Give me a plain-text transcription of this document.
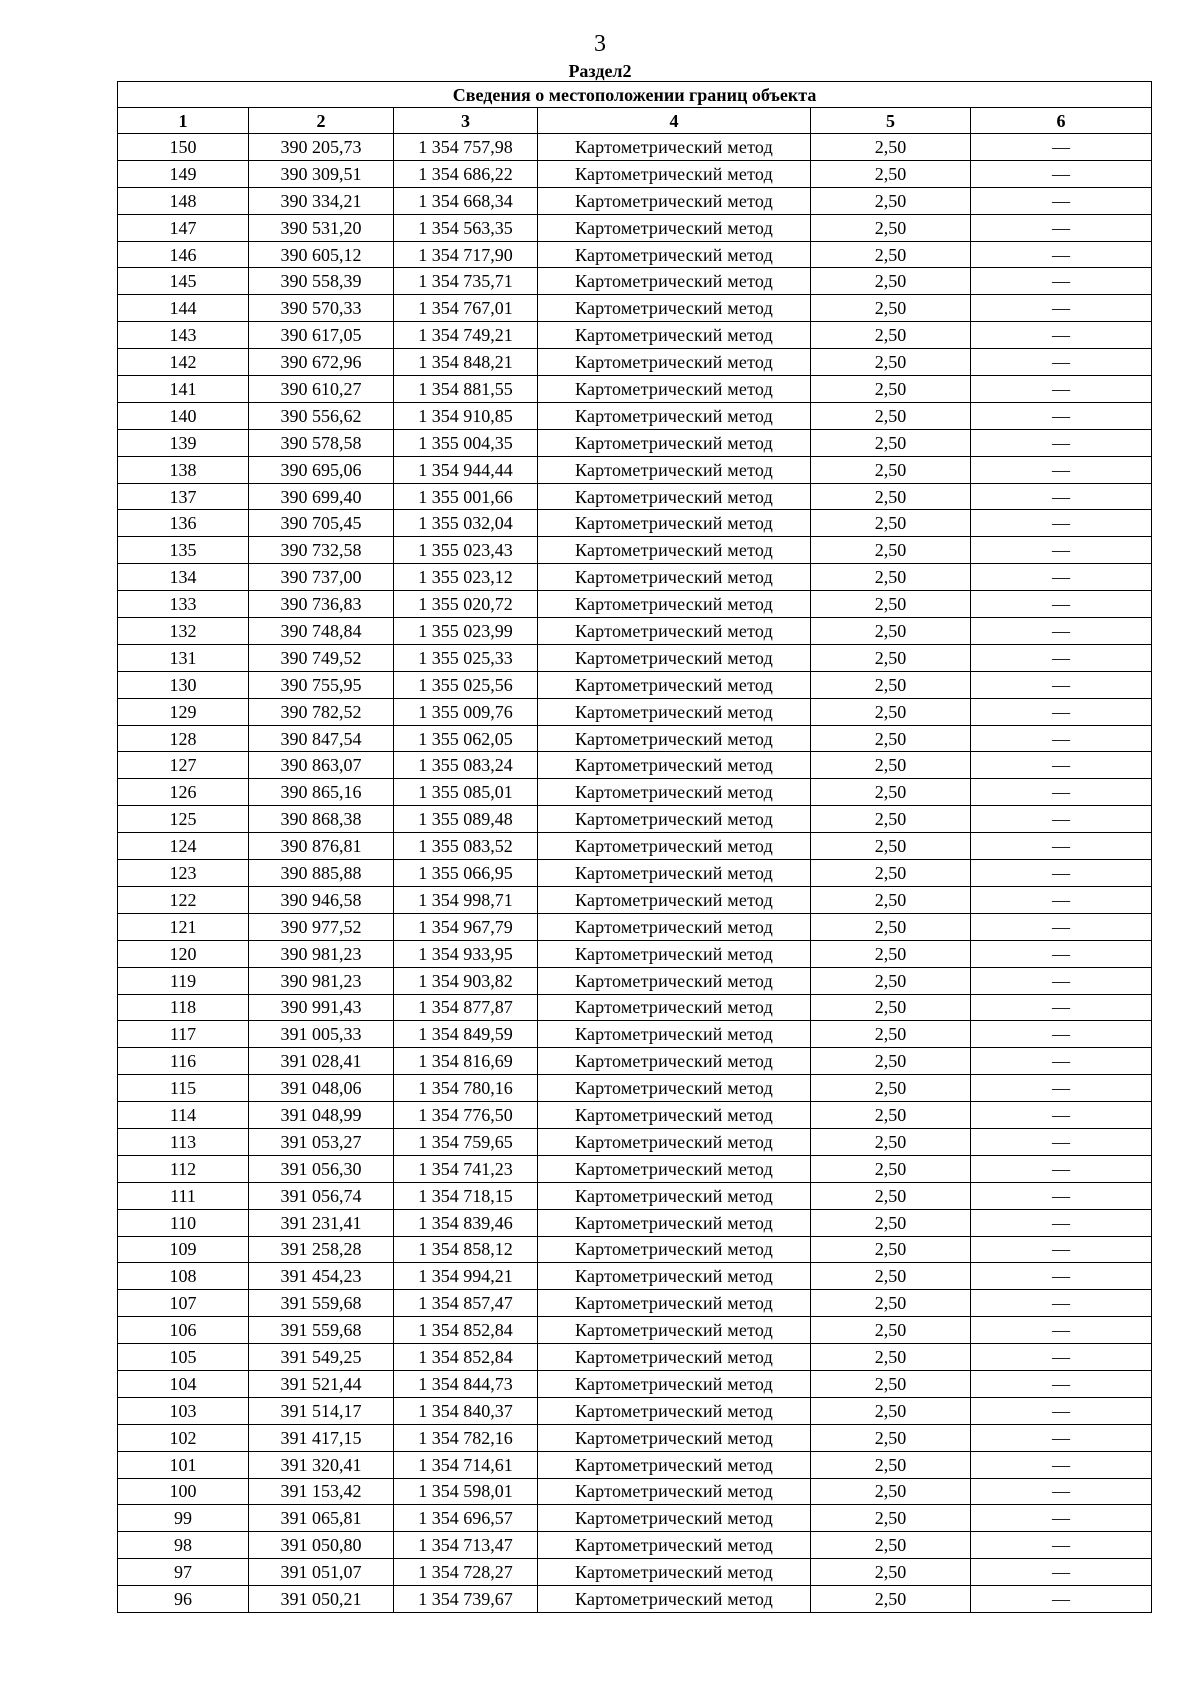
3
Раздел2
Сведения о местоположении границ объекта					
1	2	3	4	5	6
150	390 205,73	1 354 757,98	Картометрический метод	2,50	—
149	390 309,51	1 354 686,22	Картометрический метод	2,50	—
148	390 334,21	1 354 668,34	Картометрический метод	2,50	—
147	390 531,20	1 354 563,35	Картометрический метод	2,50	—
146	390 605,12	1 354 717,90	Картометрический метод	2,50	—
145	390 558,39	1 354 735,71	Картометрический метод	2,50	—
144	390 570,33	1 354 767,01	Картометрический метод	2,50	—
143	390 617,05	1 354 749,21	Картометрический метод	2,50	—
142	390 672,96	1 354 848,21	Картометрический метод	2,50	—
141	390 610,27	1 354 881,55	Картометрический метод	2,50	—
140	390 556,62	1 354 910,85	Картометрический метод	2,50	—
139	390 578,58	1 355 004,35	Картометрический метод	2,50	—
138	390 695,06	1 354 944,44	Картометрический метод	2,50	—
137	390 699,40	1 355 001,66	Картометрический метод	2,50	—
136	390 705,45	1 355 032,04	Картометрический метод	2,50	—
135	390 732,58	1 355 023,43	Картометрический метод	2,50	—
134	390 737,00	1 355 023,12	Картометрический метод	2,50	—
133	390 736,83	1 355 020,72	Картометрический метод	2,50	—
132	390 748,84	1 355 023,99	Картометрический метод	2,50	—
131	390 749,52	1 355 025,33	Картометрический метод	2,50	—
130	390 755,95	1 355 025,56	Картометрический метод	2,50	—
129	390 782,52	1 355 009,76	Картометрический метод	2,50	—
128	390 847,54	1 355 062,05	Картометрический метод	2,50	—
127	390 863,07	1 355 083,24	Картометрический метод	2,50	—
126	390 865,16	1 355 085,01	Картометрический метод	2,50	—
125	390 868,38	1 355 089,48	Картометрический метод	2,50	—
124	390 876,81	1 355 083,52	Картометрический метод	2,50	—
123	390 885,88	1 355 066,95	Картометрический метод	2,50	—
122	390 946,58	1 354 998,71	Картометрический метод	2,50	—
121	390 977,52	1 354 967,79	Картометрический метод	2,50	—
120	390 981,23	1 354 933,95	Картометрический метод	2,50	—
119	390 981,23	1 354 903,82	Картометрический метод	2,50	—
118	390 991,43	1 354 877,87	Картометрический метод	2,50	—
117	391 005,33	1 354 849,59	Картометрический метод	2,50	—
116	391 028,41	1 354 816,69	Картометрический метод	2,50	—
115	391 048,06	1 354 780,16	Картометрический метод	2,50	—
114	391 048,99	1 354 776,50	Картометрический метод	2,50	—
113	391 053,27	1 354 759,65	Картометрический метод	2,50	—
112	391 056,30	1 354 741,23	Картометрический метод	2,50	—
111	391 056,74	1 354 718,15	Картометрический метод	2,50	—
110	391 231,41	1 354 839,46	Картометрический метод	2,50	—
109	391 258,28	1 354 858,12	Картометрический метод	2,50	—
108	391 454,23	1 354 994,21	Картометрический метод	2,50	—
107	391 559,68	1 354 857,47	Картометрический метод	2,50	—
106	391 559,68	1 354 852,84	Картометрический метод	2,50	—
105	391 549,25	1 354 852,84	Картометрический метод	2,50	—
104	391 521,44	1 354 844,73	Картометрический метод	2,50	—
103	391 514,17	1 354 840,37	Картометрический метод	2,50	—
102	391 417,15	1 354 782,16	Картометрический метод	2,50	—
101	391 320,41	1 354 714,61	Картометрический метод	2,50	—
100	391 153,42	1 354 598,01	Картометрический метод	2,50	—
99	391 065,81	1 354 696,57	Картометрический метод	2,50	—
98	391 050,80	1 354 713,47	Картометрический метод	2,50	—
97	391 051,07	1 354 728,27	Картометрический метод	2,50	—
96	391 050,21	1 354 739,67	Картометрический метод	2,50	—
